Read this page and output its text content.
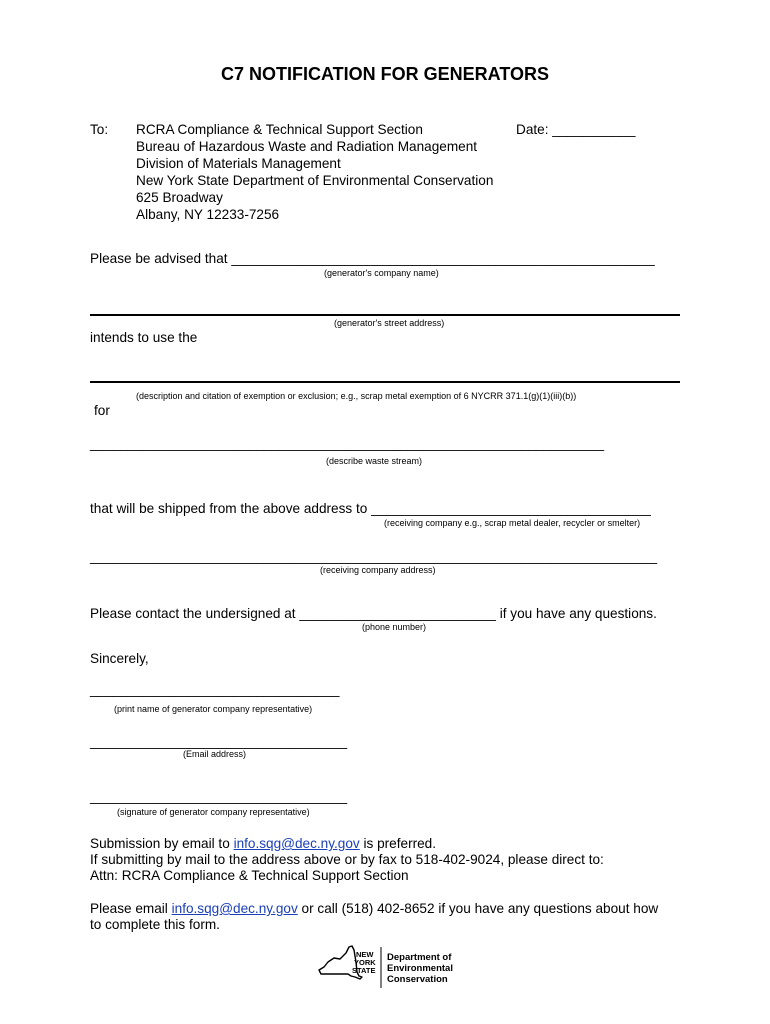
C7 NOTIFICATION FOR GENERATORS
To:	Date: ___________
RCRA Compliance & Technical Support Section
Bureau of Hazardous Waste and Radiation Management
Division of Materials Management
New York State Department of Environmental Conservation
625 Broadway
Albany, NY 12233-7256
Please be advised that ________________________________________________________
(generator's company name)
(generator's street address)
intends to use the
(description and citation of exemption or exclusion; e.g., scrap metal exemption of 6 NYCRR 371.1(g)(1)(iii)(b))
for
____________________________________________________________________
(describe waste stream)
that will be shipped from the above address to _____________________________________
(receiving company e.g., scrap metal dealer, recycler or smelter)
___________________________________________________________________________
(receiving company address)
Please contact the undersigned at __________________________ if you have any questions.
(phone number)
Sincerely,
_________________________________
(print name of generator company representative)
__________________________________
(Email address)
__________________________________
(signature of generator company representative)
Submission by email to info.sqg@dec.ny.gov is preferred.
If submitting by mail to the address above or by fax to 518-402-9024, please direct to:
Attn: RCRA Compliance & Technical Support Section
Please email info.sqg@dec.ny.gov or call (518) 402-8652 if you have any questions about how
to complete this form.
NEW
YORK
STATE
Department of
Environmental
Conservation
